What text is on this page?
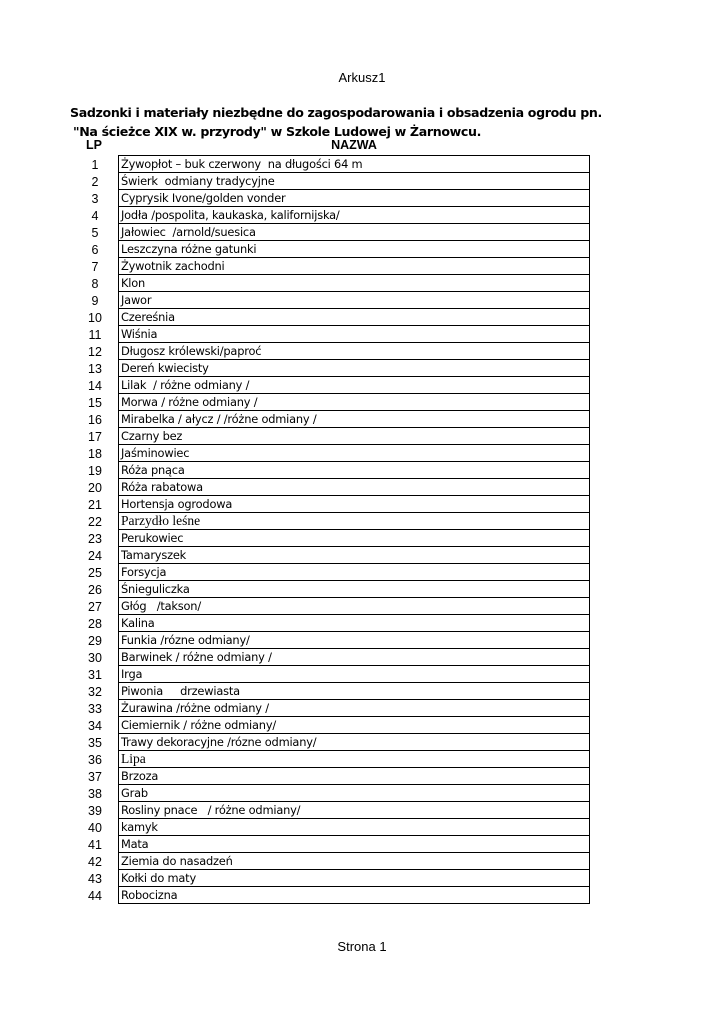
Arkusz1
Sadzonki i materiały niezbędne do zagospodarowania i obsadzenia ogrodu pn.
"Na ścieżce XIX w. przyrody" w Szkole Ludowej w Żarnowcu.
LP	NAZWA
1	Żywopłot – buk czerwony  na długości 64 m
2	Świerk  odmiany tradycyjne
3	Cyprysik Ivone/golden vonder
4	Jodła /pospolita, kaukaska, kalifornijska/
5	Jałowiec  /arnold/suesica
6	Leszczyna różne gatunki
7	Żywotnik zachodni
8	Klon
9	Jawor
10	Czereśnia
11	Wiśnia
12	Długosz królewski/paproć
13	Dereń kwiecisty
14	Lilak  / różne odmiany /
15	Morwa / różne odmiany /
16	Mirabelka / ałycz / /różne odmiany /
17	Czarny bez
18	Jaśminowiec
19	Róża pnąca
20	Róża rabatowa
21	Hortensja ogrodowa
22	Parzydło leśne
23	Perukowiec
24	Tamaryszek
25	Forsycja
26	Śnieguliczka
27	Głóg   /takson/
28	Kalina
29	Funkia /rózne odmiany/
30	Barwinek / różne odmiany /
31	Irga
32	Piwonia     drzewiasta
33	Żurawina /różne odmiany /
34	Ciemiernik / różne odmiany/
35	Trawy dekoracyjne /rózne odmiany/
36	Lipa
37	Brzoza
38	Grab
39	Rosliny pnace   / różne odmiany/
40	kamyk
41	Mata
42	Ziemia do nasadzeń
43	Kołki do maty
44	Robocizna
Strona 1
